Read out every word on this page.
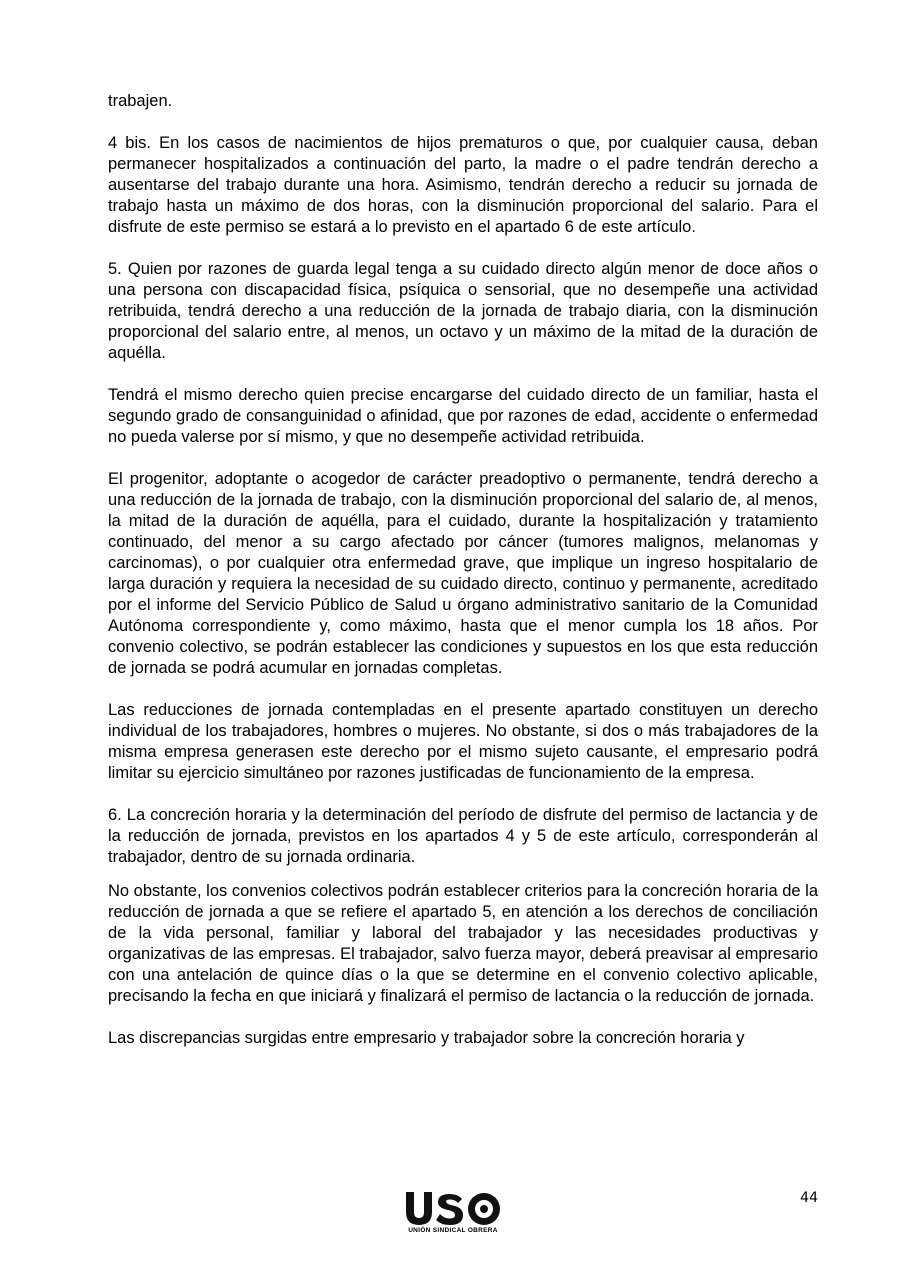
trabajen.

4 bis. En los casos de nacimientos de hijos prematuros o que, por cualquier causa, deban permanecer hospitalizados a continuación del parto, la madre o el padre tendrán derecho a ausentarse del trabajo durante una hora. Asimismo, tendrán derecho a reducir su jornada de trabajo hasta un máximo de dos horas, con la disminución proporcional del salario. Para el disfrute de este permiso se estará a lo previsto en el apartado 6 de este artículo.

5. Quien por razones de guarda legal tenga a su cuidado directo algún menor de doce años o una persona con discapacidad física, psíquica o sensorial, que no desempeñe una actividad retribuida, tendrá derecho a una reducción de la jornada de trabajo diaria, con la disminución proporcional del salario entre, al menos, un octavo y un máximo de la mitad de la duración de aquélla.

Tendrá el mismo derecho quien precise encargarse del cuidado directo de un familiar, hasta el segundo grado de consanguinidad o afinidad, que por razones de edad, accidente o enfermedad no pueda valerse por sí mismo, y que no desempeñe actividad retribuida.

El progenitor, adoptante o acogedor de carácter preadoptivo o permanente, tendrá derecho a una reducción de la jornada de trabajo, con la disminución proporcional del salario de, al menos, la mitad de la duración de aquélla, para el cuidado, durante la hospitalización y tratamiento continuado, del menor a su cargo afectado por cáncer (tumores malignos, melanomas y carcinomas), o por cualquier otra enfermedad grave, que implique un ingreso hospitalario de larga duración y requiera la necesidad de su cuidado directo, continuo y permanente, acreditado por el informe del Servicio Público de Salud u órgano administrativo sanitario de la Comunidad Autónoma correspondiente y, como máximo, hasta que el menor cumpla los 18 años. Por convenio colectivo, se podrán establecer las condiciones y supuestos en los que esta reducción de jornada se podrá acumular en jornadas completas.

Las reducciones de jornada contempladas en el presente apartado constituyen un derecho individual de los trabajadores, hombres o mujeres. No obstante, si dos o más trabajadores de la misma empresa generasen este derecho por el mismo sujeto causante, el empresario podrá limitar su ejercicio simultáneo por razones justificadas de funcionamiento de la empresa.

6. La concreción horaria y la determinación del período de disfrute del permiso de lactancia y de la reducción de jornada, previstos en los apartados 4 y 5 de este artículo, corresponderán al trabajador, dentro de su jornada ordinaria.

No obstante, los convenios colectivos podrán establecer criterios para la concreción horaria de la reducción de jornada a que se refiere el apartado 5, en atención a los derechos de conciliación de la vida personal, familiar y laboral del trabajador y las necesidades productivas y organizativas de las empresas. El trabajador, salvo fuerza mayor, deberá preavisar al empresario con una antelación de quince días o la que se determine en el convenio colectivo aplicable, precisando la fecha en que iniciará y finalizará el permiso de lactancia o la reducción de jornada.

Las discrepancias surgidas entre empresario y trabajador sobre la concreción horaria y

UNIÓN SINDICAL OBRERA
44
